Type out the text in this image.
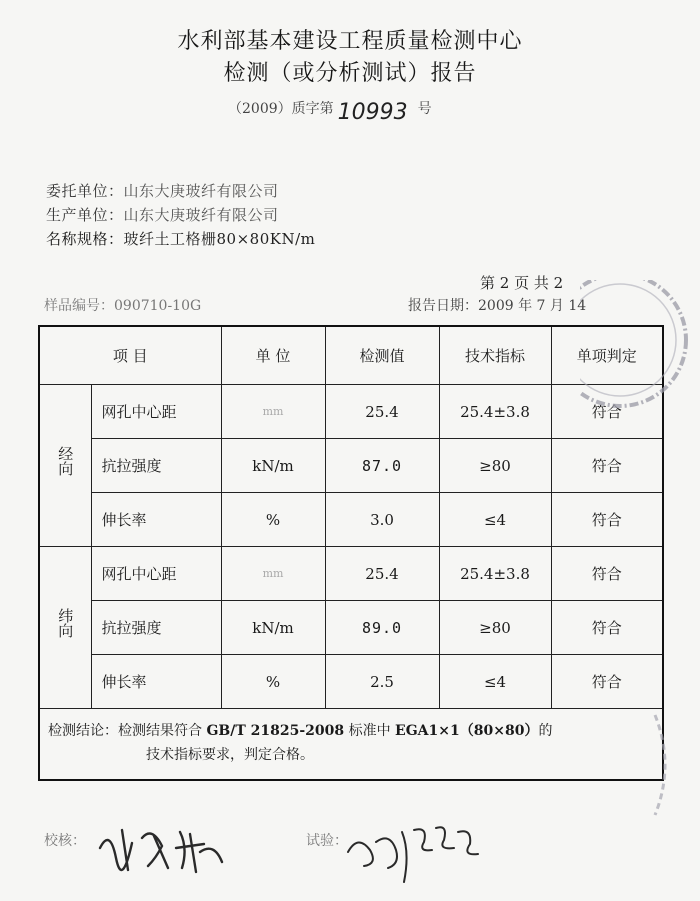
水利部基本建设工程质量检测中心
检测（或分析测试）报告
（2009）质字第 10993 号
委托单位：山东大庚玻纤有限公司
生产单位：山东大庚玻纤有限公司
名称规格：玻纤土工格栅80×80KN/m
第 2 页 共 2
样品编号：090710-10G	报告日期：2009 年 7 月 14
项 目		单 位	检测值	技术指标	单项判定
经向	网孔中心距	mm	25.4	25.4±3.8	符合
	抗拉强度	kN/m	87.0	≥80	符合
	伸长率	%	3.0	≤4	符合
纬向	网孔中心距	mm	25.4	25.4±3.8	符合
	抗拉强度	kN/m	89.0	≥80	符合
	伸长率	%	2.5	≤4	符合
检测结论：检测结果符合 GB/T 21825-2008 标准中 EGA1×1（80×80）的
技术指标要求，判定合格。					
校核：	试验：
